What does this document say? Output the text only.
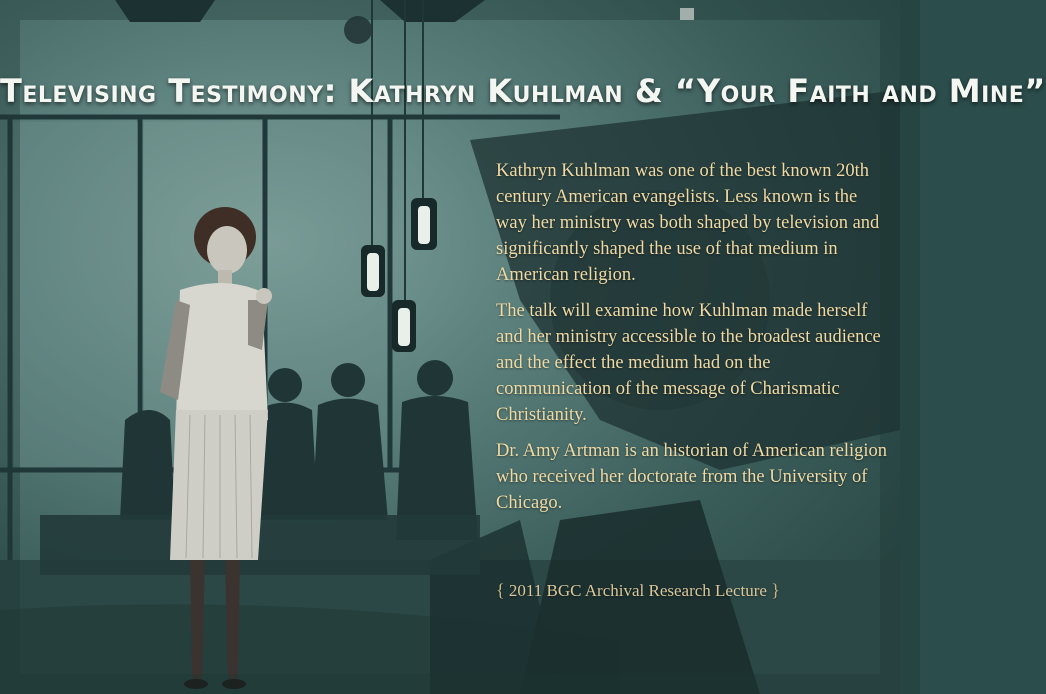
Televising Testimony: Kathryn Kuhlman & “Your Faith and Mine”

Kathryn Kuhlman was one of the best known 20th century American evangelists. Less known is the way her ministry was both shaped by television and significantly shaped the use of that medium in American religion.

The talk will examine how Kuhlman made herself and her ministry accessible to the broadest audience and the effect the medium had on the communication of the message of Charismatic Christianity.

Dr. Amy Artman is an historian of American religion who received her doctorate from the University of Chicago.

{ 2011 BGC Archival Research Lecture }
